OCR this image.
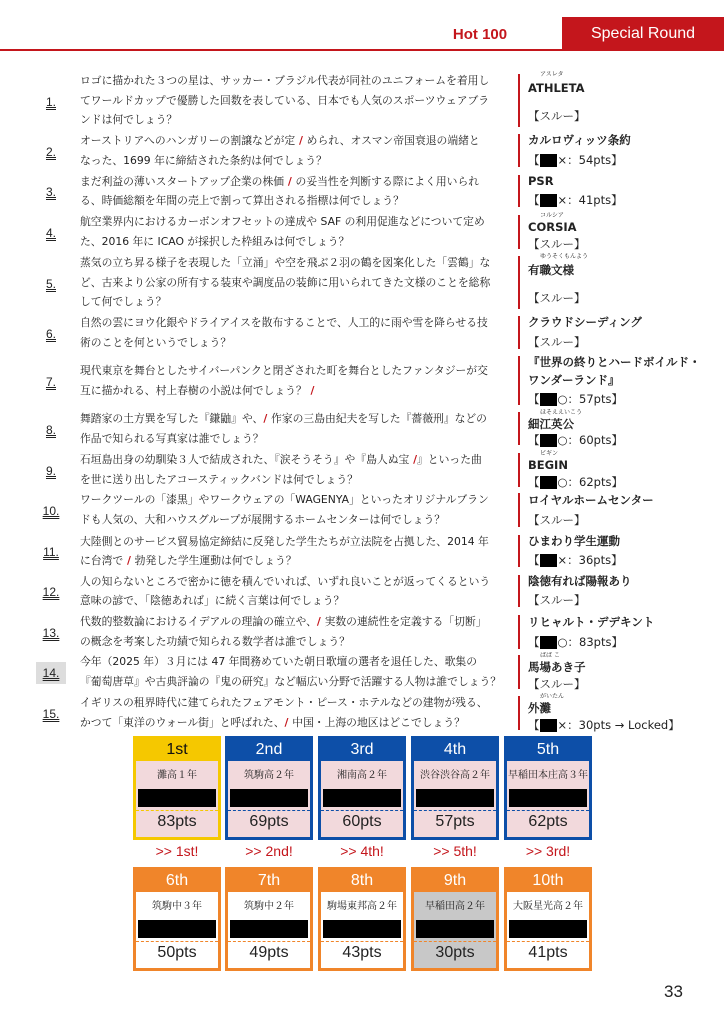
Hot 100	Special Round
1.
ロゴに描かれた３つの星は、サッカー・ブラジル代表が同社のユニフォームを着用し
てワールドカップで優勝した回数を表している、日本でも人気のスポーツウェアブラ
ンドは何でしょう？
アスレタ
ATHLETA
【スルー】
2.
オーストリアへのハンガリーの割譲などが定 / められ、オスマン帝国衰退の端緒と
なった、1699 年に締結された条約は何でしょう？
カルロヴィッツ条約
【 ×：54pts】
3.
まだ利益の薄いスタートアップ企業の株価 / の妥当性を判断する際によく用いられ
る、時価総額を年間の売上で割って算出される指標は何でしょう？
PSR
【 ×：41pts】
4.
航空業界内におけるカーボンオフセットの達成や SAF の利用促進などについて定め
た、2016 年に ICAO が採択した枠組みは何でしょう？
コルシア
CORSIA
【スルー】
5.
蒸気の立ち昇る様子を表現した「立涌」や空を飛ぶ２羽の鶴を図案化した「雲鶴」な
ど、古来より公家の所有する装束や調度品の装飾に用いられてきた文様のことを総称
して何でしょう？
ゆうそくもんよう
有職文様
【スルー】
6.
自然の雲にヨウ化銀やドライアイスを散布することで、人工的に雨や雪を降らせる技
術のことを何というでしょう？
クラウドシーディング
【スルー】
7.
現代東京を舞台としたサイバーパンクと閉ざされた町を舞台としたファンタジーが交
互に描かれる、村上春樹の小説は何でしょう？ /
『世界の終りとハードボイルド・
ワンダーランド』
【 ○：57pts】
8.
舞踏家の土方巽を写した『鎌鼬』や、/ 作家の三島由紀夫を写した『薔薇刑』などの
作品で知られる写真家は誰でしょう？
ほそええいこう
細江英公
【 ○：60pts】
9.
石垣島出身の幼馴染３人で結成された、『涙そうそう』や『島人ぬ宝 /』といった曲
を世に送り出したアコースティックバンドは何でしょう？
ビギン
BEGIN
【 ○：62pts】
10.
ワークツールの「漆黒」やワークウェアの「WAGENYA」といったオリジナルブラン
ドも人気の、大和ハウスグループが展開するホームセンターは何でしょう？
ロイヤルホームセンター
【スルー】
11.
大陸側とのサービス貿易協定締結に反発した学生たちが立法院を占拠した、2014 年
に台湾で / 勃発した学生運動は何でしょう？
ひまわり学生運動
【 ×：36pts】
12.
人の知らないところで密かに徳を積んでいれば、いずれ良いことが返ってくるという
意味の諺で、「陰徳あれば」に続く言葉は何でしょう？
陰徳有れば陽報あり
【スルー】
13.
代数的整数論におけるイデアルの理論の確立や、/ 実数の連続性を定義する「切断」
の概念を考案した功績で知られる数学者は誰でしょう？
リヒャルト・デデキント
【 ○：83pts】
14.
今年（2025 年）３月には 47 年間務めていた朝日歌壇の選者を退任した、歌集の
『葡萄唐草』や古典評論の『鬼の研究』など幅広い分野で活躍する人物は誰でしょう？
ばば こ
馬場あき子
【スルー】
15.
イギリスの租界時代に建てられたフェアモント・ピース・ホテルなどの建物が残る、
かつて「東洋のウォール街」と呼ばれた、/ 中国・上海の地区はどこでしょう？
がいたん
外灘
【 ×：30pts → Locked】
1st
灘高１年
83pts
>> 1st!
2nd
筑駒高２年
69pts
>> 2nd!
3rd
湘南高２年
60pts
>> 4th!
4th
渋谷渋谷高２年
57pts
>> 5th!
5th
早稲田本庄高３年
62pts
>> 3rd!
6th
筑駒中３年
50pts
7th
筑駒中２年
49pts
8th
駒場東邦高２年
43pts
9th
早稲田高２年
30pts
10th
大阪星光高２年
41pts
33
